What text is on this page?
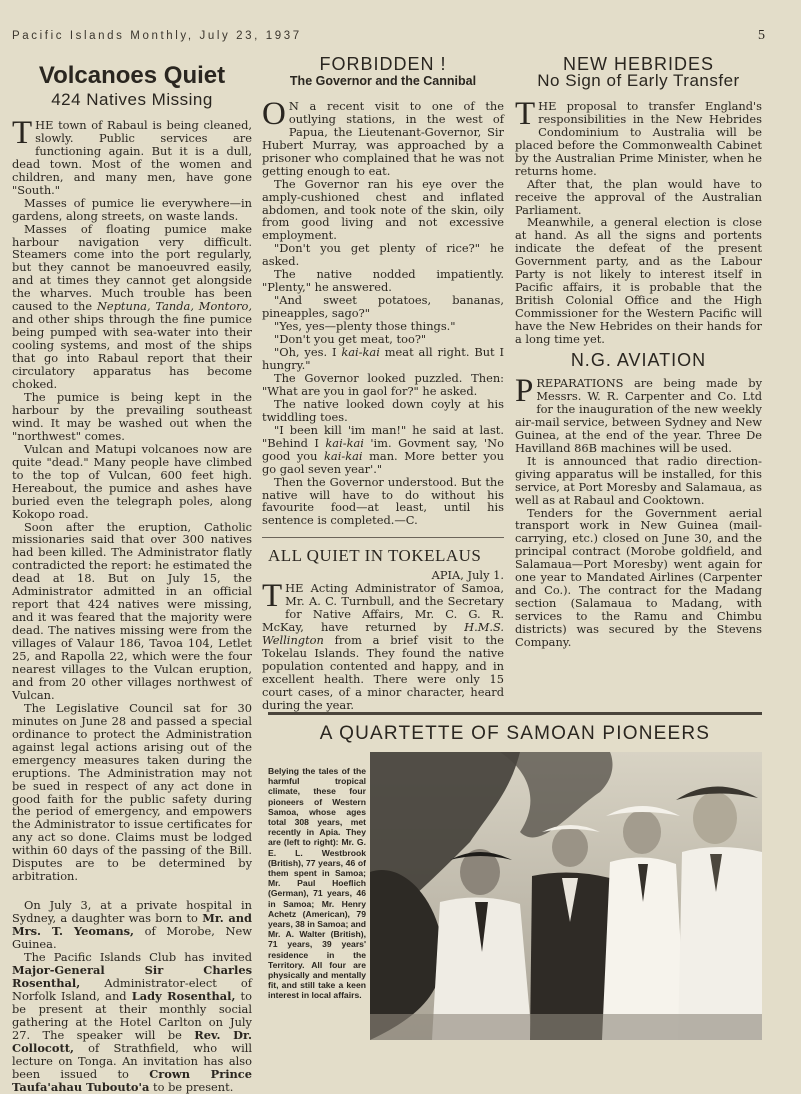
Pacific Islands Monthly, July 23, 1937	5
Volcanoes Quiet
424 Natives Missing

THE town of Rabaul is being cleaned, slowly. Public services are functioning again. But it is a dull, dead town. Most of the women and children, and many men, have gone "South."

Masses of pumice lie everywhere—in gardens, along streets, on waste lands.

Masses of floating pumice make harbour navigation very difficult. Steamers come into the port regularly, but they cannot be manoeuvred easily, and at times they cannot get alongside the wharves. Much trouble has been caused to the Neptuna, Tanda, Montoro, and other ships through the fine pumice being pumped with sea-water into their cooling systems, and most of the ships that go into Rabaul report that their circulatory apparatus has become choked.

The pumice is being kept in the harbour by the prevailing southeast wind. It may be washed out when the "northwest" comes.

Vulcan and Matupi volcanoes now are quite "dead." Many people have climbed to the top of Vulcan, 600 feet high. Hereabout, the pumice and ashes have buried even the telegraph poles, along Kokopo road.

Soon after the eruption, Catholic missionaries said that over 300 natives had been killed. The Administrator flatly contradicted the report: he estimated the dead at 18. But on July 15, the Administrator admitted in an official report that 424 natives were missing, and it was feared that the majority were dead. The natives missing were from the villages of Valaur 186, Tavoa 104, Letlet 25, and Rapolla 22, which were the four nearest villages to the Vulcan eruption, and from 20 other villages northwest of Vulcan.

The Legislative Council sat for 30 minutes on June 28 and passed a special ordinance to protect the Administration against legal actions arising out of the emergency measures taken during the eruptions. The Administration may not be sued in respect of any act done in good faith for the public safety during the period of emergency, and empowers the Administrator to issue certificates for any act so done. Claims must be lodged within 60 days of the passing of the Bill. Disputes are to be determined by arbitration.

On July 3, at a private hospital in Sydney, a daughter was born to Mr. and Mrs. T. Yeomans, of Morobe, New Guinea.

The Pacific Islands Club has invited Major-General Sir Charles Rosenthal, Administrator-elect of Norfolk Island, and Lady Rosenthal, to be present at their monthly social gathering at the Hotel Carlton on July 27. The speaker will be Rev. Dr. Collocott, of Strathfield, who will lecture on Tonga. An invitation has also been issued to Crown Prince Taufa'ahau Tubouto'a to be present.

FORBIDDEN !
The Governor and the Cannibal

O N a recent visit to one of the outlying stations, in the west of Papua, the Lieutenant-Governor, Sir Hubert Murray, was approached by a prisoner who complained that he was not getting enough to eat.

The Governor ran his eye over the amply-cushioned chest and inflated abdomen, and took note of the skin, oily from good living and not excessive employment.

"Don't you get plenty of rice?" he asked.

The native nodded impatiently. "Plenty," he answered.

"And sweet potatoes, bananas, pineapples, sago?"

"Yes, yes—plenty those things."

"Don't you get meat, too?"

"Oh, yes. I kai-kai meat all right. But I hungry."

The Governor looked puzzled. Then: "What are you in gaol for?" he asked.

The native looked down coyly at his twiddling toes.

"I been kill 'im man!" he said at last. "Behind I kai-kai 'im. Govment say, 'No good you kai-kai man. More better you go gaol seven year'."

Then the Governor understood. But the native will have to do without his favourite food—at least, until his sentence is completed.—C.

ALL QUIET IN TOKELAUS

APIA, July 1.

THE Acting Administrator of Samoa, Mr. A. C. Turnbull, and the Secretary for Native Affairs, Mr. C. G. R. McKay, have returned by H.M.S. Wellington from a brief visit to the Tokelau Islands. They found the native population contented and happy, and in excellent health. There were only 15 court cases, of a minor character, heard during the year.

NEW HEBRIDES
No Sign of Early Transfer

THE proposal to transfer England's responsibilities in the New Hebrides Condominium to Australia will be placed before the Commonwealth Cabinet by the Australian Prime Minister, when he returns home.

After that, the plan would have to receive the approval of the Australian Parliament.

Meanwhile, a general election is close at hand. As all the signs and portents indicate the defeat of the present Government party, and as the Labour Party is not likely to interest itself in Pacific affairs, it is probable that the British Colonial Office and the High Commissioner for the Western Pacific will have the New Hebrides on their hands for a long time yet.

N.G. AVIATION

PREPARATIONS are being made by Messrs. W. R. Carpenter and Co. Ltd for the inauguration of the new weekly air-mail service, between Sydney and New Guinea, at the end of the year. Three De Havilland 86B machines will be used.

It is announced that radio direction-giving apparatus will be installed, for this service, at Port Moresby and Salamaua, as well as at Rabaul and Cooktown.

Tenders for the Government aerial transport work in New Guinea (mail-carrying, etc.) closed on June 30, and the principal contract (Morobe goldfield, and Salamaua—Port Moresby) went again for one year to Mandated Airlines (Carpenter and Co.). The contract for the Madang section (Salamaua to Madang, with services to the Ramu and Chimbu districts) was secured by the Stevens Company.

A QUARTETTE OF SAMOAN PIONEERS
Belying the tales of the harmful tropical climate, these four pioneers of Western Samoa, whose ages total 308 years, met recently in Apia. They are (left to right): Mr. G. E. L. Westbrook (British), 77 years, 46 of them spent in Samoa; Mr. Paul Hoeflich (German), 71 years, 46 in Samoa; Mr. Henry Achetz (American), 79 years, 38 in Samoa; and Mr. A. Walter (British), 71 years, 39 years' residence in the Territory. All four are physically and mentally fit, and still take a keen interest in local affairs.
